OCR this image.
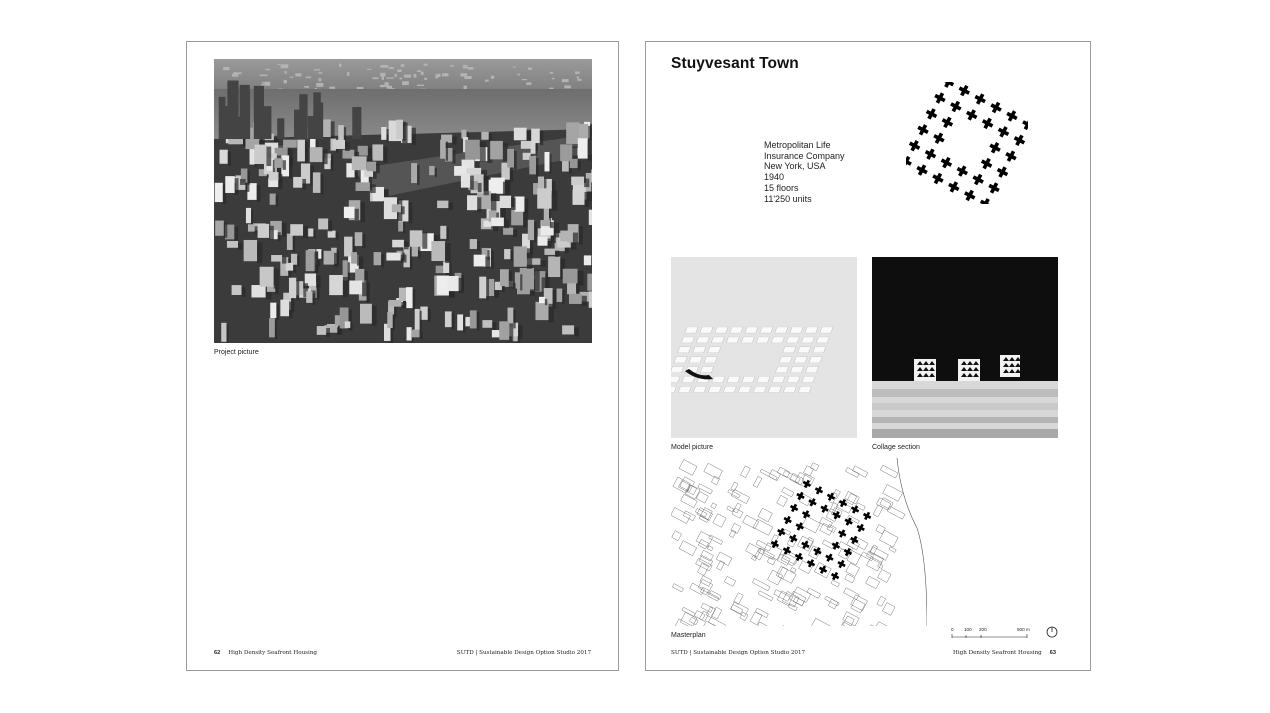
Project picture
62 High Density Seafront Housing	SUTD | Sustainable Design Option Studio 2017
Stuyvesant Town
Metropolitan Life
Insurance Company
New York, USA
1940
15 floors
11'250 units
Model picture	Collage section
Masterplan
0 100 200	500 m
SUTD | Sustainable Design Option Studio 2017	High Density Seafront Housing 63
